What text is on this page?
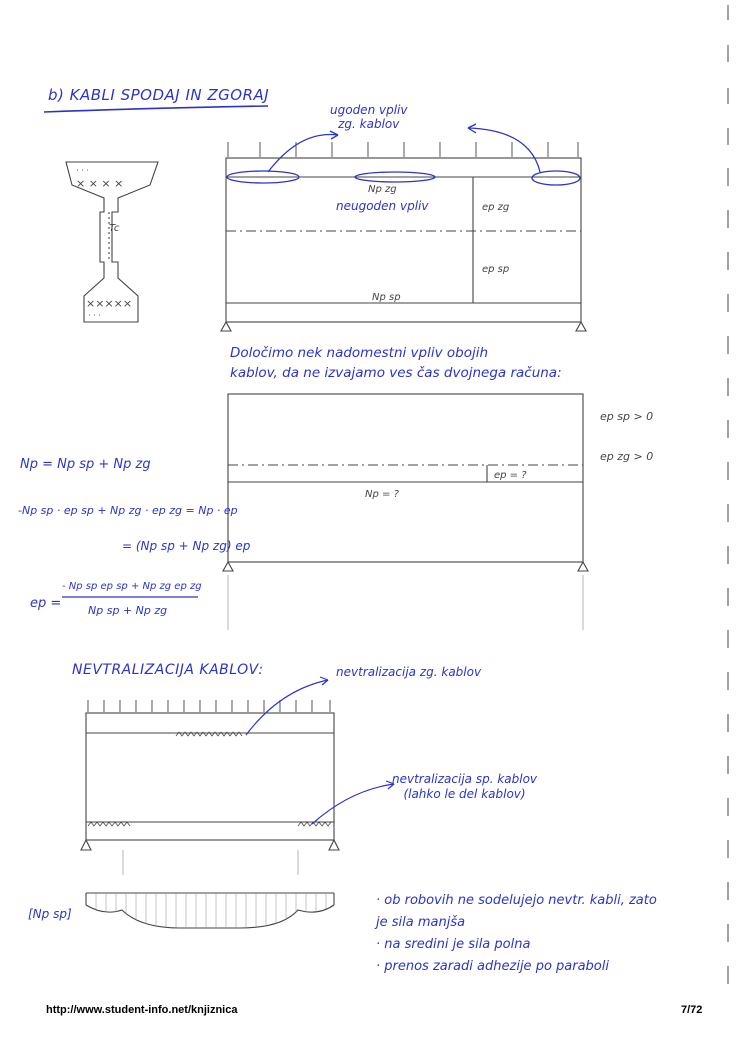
× × × ×
×××××
· · ·
· · ·
Tc
Np zg
Np sp
ep zg
ep sp
ep = ?
Np = ?
ep sp > 0
ep zg > 0
Np = Np sp + Np zg
-Np sp · ep sp + Np zg · ep zg = Np · ep
= (Np sp + Np zg) ep
ep =
- Np sp ep sp + Np zg ep zg
Np sp + Np zg
[Np sp]
b) KABLI SPODAJ IN ZGORAJ
ugoden vpliv
zg. kablov
neugoden vpliv
Določimo nek nadomestni vpliv obojih
kablov, da ne izvajamo ves čas dvojnega računa:
NEVTRALIZACIJA KABLOV:	nevtralizacija zg. kablov
nevtralizacija sp. kablov
(lahko le del kablov)
· ob robovih ne sodelujejo nevtr. kabli, zato
je sila manjša
· na sredini je sila polna
· prenos zaradi adhezije po paraboli
http://www.student-info.net/knjiznica	7/72
